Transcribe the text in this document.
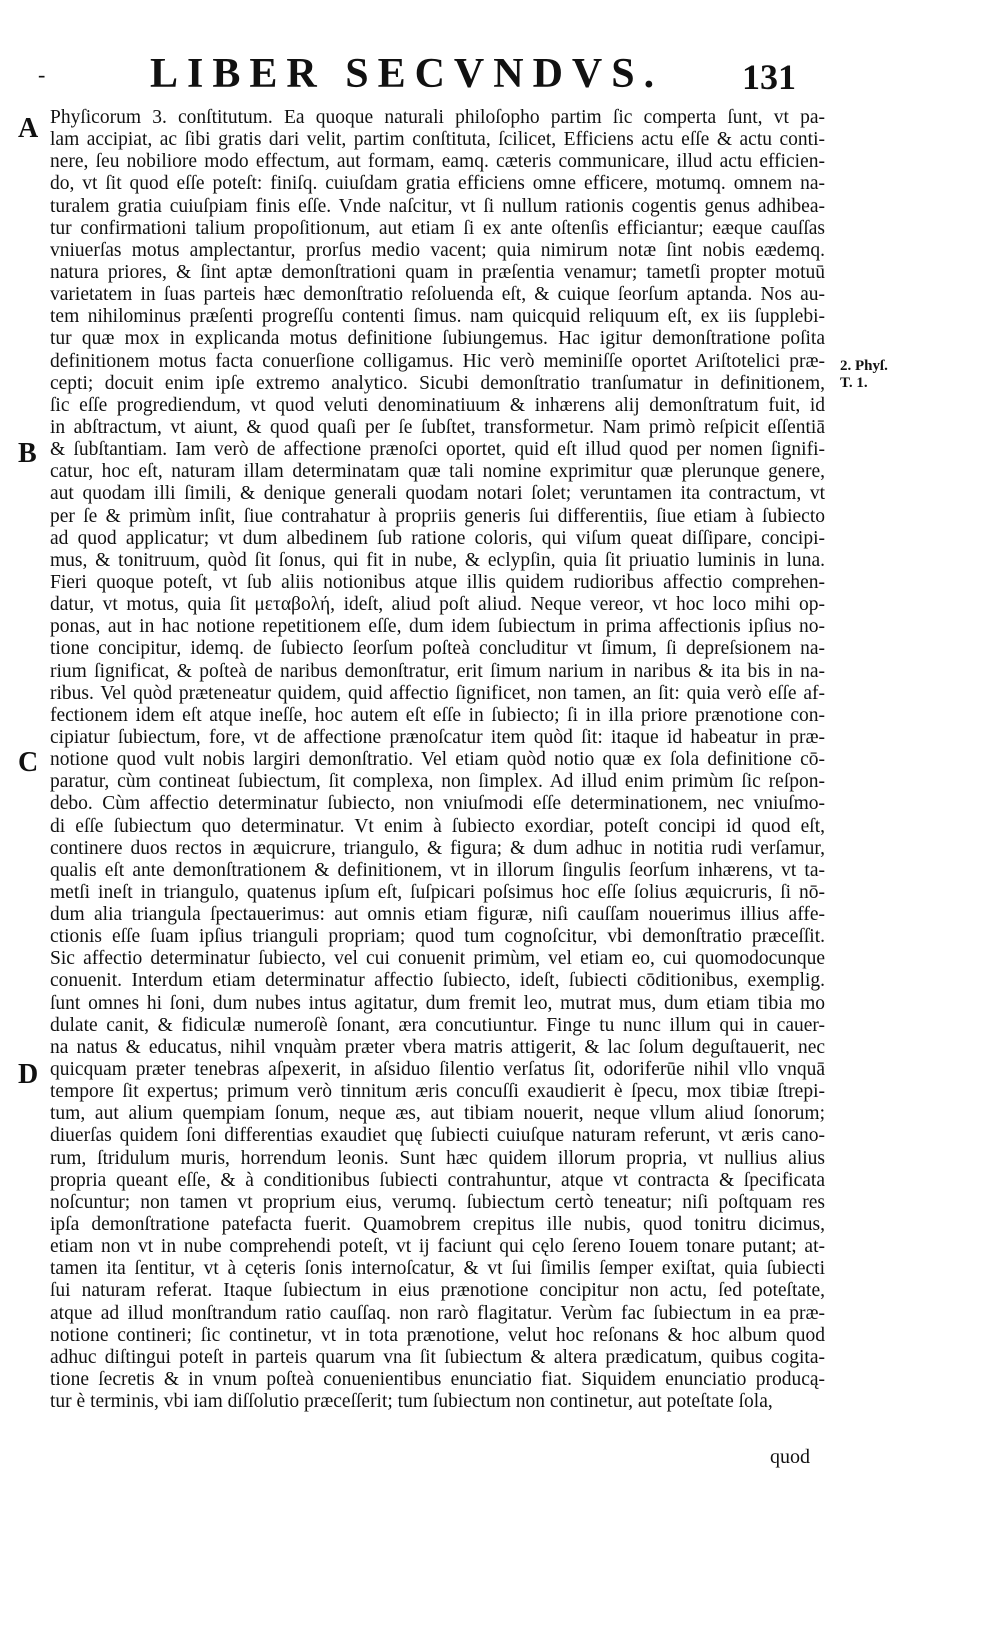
- LIBER SECVNDVS. 131
A
B
C
D
2. Phyſ.
T. 1.
Phyſicorum 3. conſtitutum. Ea quoque naturali philoſopho partim ſic comperta ſunt, vt pa-
lam accipiat, ac ſibi gratis dari velit, partim conſtituta, ſcilicet, Efficiens actu eſſe & actu conti-
nere, ſeu nobiliore modo effectum, aut formam, eamq. cæteris communicare, illud actu efficien-
do, vt ſit quod eſſe poteſt: finiſq. cuiuſdam gratia efficiens omne efficere, motumq. omnem na-
turalem gratia cuiuſpiam finis eſſe. Vnde naſcitur, vt ſi nullum rationis cogentis genus adhibea-
tur confirmationi talium propoſitionum, aut etiam ſi ex ante oſtenſis efficiantur; eæque cauſſas
vniuerſas motus amplectantur, prorſus medio vacent; quia nimirum notæ ſint nobis eædemq.
natura priores, & ſint aptæ demonſtrationi quam in præſentia venamur; tametſi propter motuū
varietatem in ſuas parteis hæc demonſtratio reſoluenda eſt, & cuique ſeorſum aptanda. Nos au-
tem nihilominus præſenti progreſſu contenti ſimus. nam quicquid reliquum eſt, ex iis ſupplebi-
tur quæ mox in explicanda motus definitione ſubiungemus. Hac igitur demonſtratione poſita
definitionem motus facta conuerſione colligamus. Hic verò meminiſſe oportet Ariſtotelici præ-
cepti; docuit enim ipſe extremo analytico. Sicubi demonſtratio tranſumatur in definitionem,
ſic eſſe progrediendum, vt quod veluti denominatiuum & inhærens alij demonſtratum fuit, id
in abſtractum, vt aiunt, & quod quaſi per ſe ſubſtet, transformetur. Nam primò reſpicit eſſentiā
& ſubſtantiam. Iam verò de affectione prænoſci oportet, quid eſt illud quod per nomen ſignifi-
catur, hoc eſt, naturam illam determinatam quæ tali nomine exprimitur quæ plerunque genere,
aut quodam illi ſimili, & denique generali quodam notari ſolet; veruntamen ita contractum, vt
per ſe & primùm inſit, ſiue contrahatur à propriis generis ſui differentiis, ſiue etiam à ſubiecto
ad quod applicatur; vt dum albedinem ſub ratione coloris, qui viſum queat diſſipare, concipi-
mus, & tonitruum, quòd ſit ſonus, qui fit in nube, & eclypſin, quia ſit priuatio luminis in luna.
Fieri quoque poteſt, vt ſub aliis notionibus atque illis quidem rudioribus affectio comprehen-
datur, vt motus, quia ſit μεταβολή, ideſt, aliud poſt aliud. Neque vereor, vt hoc loco mihi op-
ponas, aut in hac notione repetitionem eſſe, dum idem ſubiectum in prima affectionis ipſius no-
tione concipitur, idemq. de ſubiecto ſeorſum poſteà concluditur vt ſimum, ſi depreſsionem na-
rium ſignificat, & poſteà de naribus demonſtratur, erit ſimum narium in naribus & ita bis in na-
ribus. Vel quòd præteneatur quidem, quid affectio ſignificet, non tamen, an ſit: quia verò eſſe af-
fectionem idem eſt atque ineſſe, hoc autem eſt eſſe in ſubiecto; ſi in illa priore prænotione con-
cipiatur ſubiectum, fore, vt de affectione prænoſcatur item quòd ſit: itaque id habeatur in præ-
notione quod vult nobis largiri demonſtratio. Vel etiam quòd notio quæ ex ſola definitione cō-
paratur, cùm contineat ſubiectum, ſit complexa, non ſimplex. Ad illud enim primùm ſic reſpon-
debo. Cùm affectio determinatur ſubiecto, non vniuſmodi eſſe determinationem, nec vniuſmo-
di eſſe ſubiectum quo determinatur. Vt enim à ſubiecto exordiar, poteſt concipi id quod eſt,
continere duos rectos in æquicrure, triangulo, & figura; & dum adhuc in notitia rudi verſamur,
qualis eſt ante demonſtrationem & definitionem, vt in illorum ſingulis ſeorſum inhærens, vt ta-
metſi ineſt in triangulo, quatenus ipſum eſt, ſuſpicari poſsimus hoc eſſe ſolius æquicruris, ſi nō-
dum alia triangula ſpectauerimus: aut omnis etiam figuræ, niſi cauſſam nouerimus illius affe-
ctionis eſſe ſuam ipſius trianguli propriam; quod tum cognoſcitur, vbi demonſtratio præceſſit.
Sic affectio determinatur ſubiecto, vel cui conuenit primùm, vel etiam eo, cui quomodocunque
conuenit. Interdum etiam determinatur affectio ſubiecto, ideſt, ſubiecti cōditionibus, exemplig.
ſunt omnes hi ſoni, dum nubes intus agitatur, dum fremit leo, mutrat mus, dum etiam tibia mo
dulate canit, & fidiculæ numeroſè ſonant, æra concutiuntur. Finge tu nunc illum qui in cauer-
na natus & educatus, nihil vnquàm præter vbera matris attigerit, & lac ſolum deguſtauerit, nec
quicquam præter tenebras aſpexerit, in aſsiduo ſilentio verſatus ſit, odoriferūe nihil vllo vnquā
tempore ſit expertus; primum verò tinnitum æris concuſſi exaudierit è ſpecu, mox tibiæ ſtrepi-
tum, aut alium quempiam ſonum, neque æs, aut tibiam nouerit, neque vllum aliud ſonorum;
diuerſas quidem ſoni differentias exaudiet quę ſubiecti cuiuſque naturam referunt, vt æris cano-
rum, ſtridulum muris, horrendum leonis. Sunt hæc quidem illorum propria, vt nullius alius
propria queant eſſe, & à conditionibus ſubiecti contrahuntur, atque vt contracta & ſpecificata
noſcuntur; non tamen vt proprium eius, verumq. ſubiectum certò teneatur; niſi poſtquam res
ipſa demonſtratione patefacta fuerit. Quamobrem crepitus ille nubis, quod tonitru dicimus,
etiam non vt in nube comprehendi poteſt, vt ij faciunt qui cęlo ſereno Iouem tonare putant; at-
tamen ita ſentitur, vt à cęteris ſonis internoſcatur, & vt ſui ſimilis ſemper exiſtat, quia ſubiecti
ſui naturam referat. Itaque ſubiectum in eius prænotione concipitur non actu, ſed poteſtate,
atque ad illud monſtrandum ratio cauſſaq. non rarò flagitatur. Verùm fac ſubiectum in ea præ-
notione contineri; ſic continetur, vt in tota prænotione, velut hoc reſonans & hoc album quod
adhuc diſtingui poteſt in parteis quarum vna ſit ſubiectum & altera prædicatum, quibus cogita-
tione ſecretis & in vnum poſteà conuenientibus enunciatio fiat. Siquidem enunciatio producą-
tur è terminis, vbi iam diſſolutio præceſſerit; tum ſubiectum non continetur, aut poteſtate ſola,
quod
